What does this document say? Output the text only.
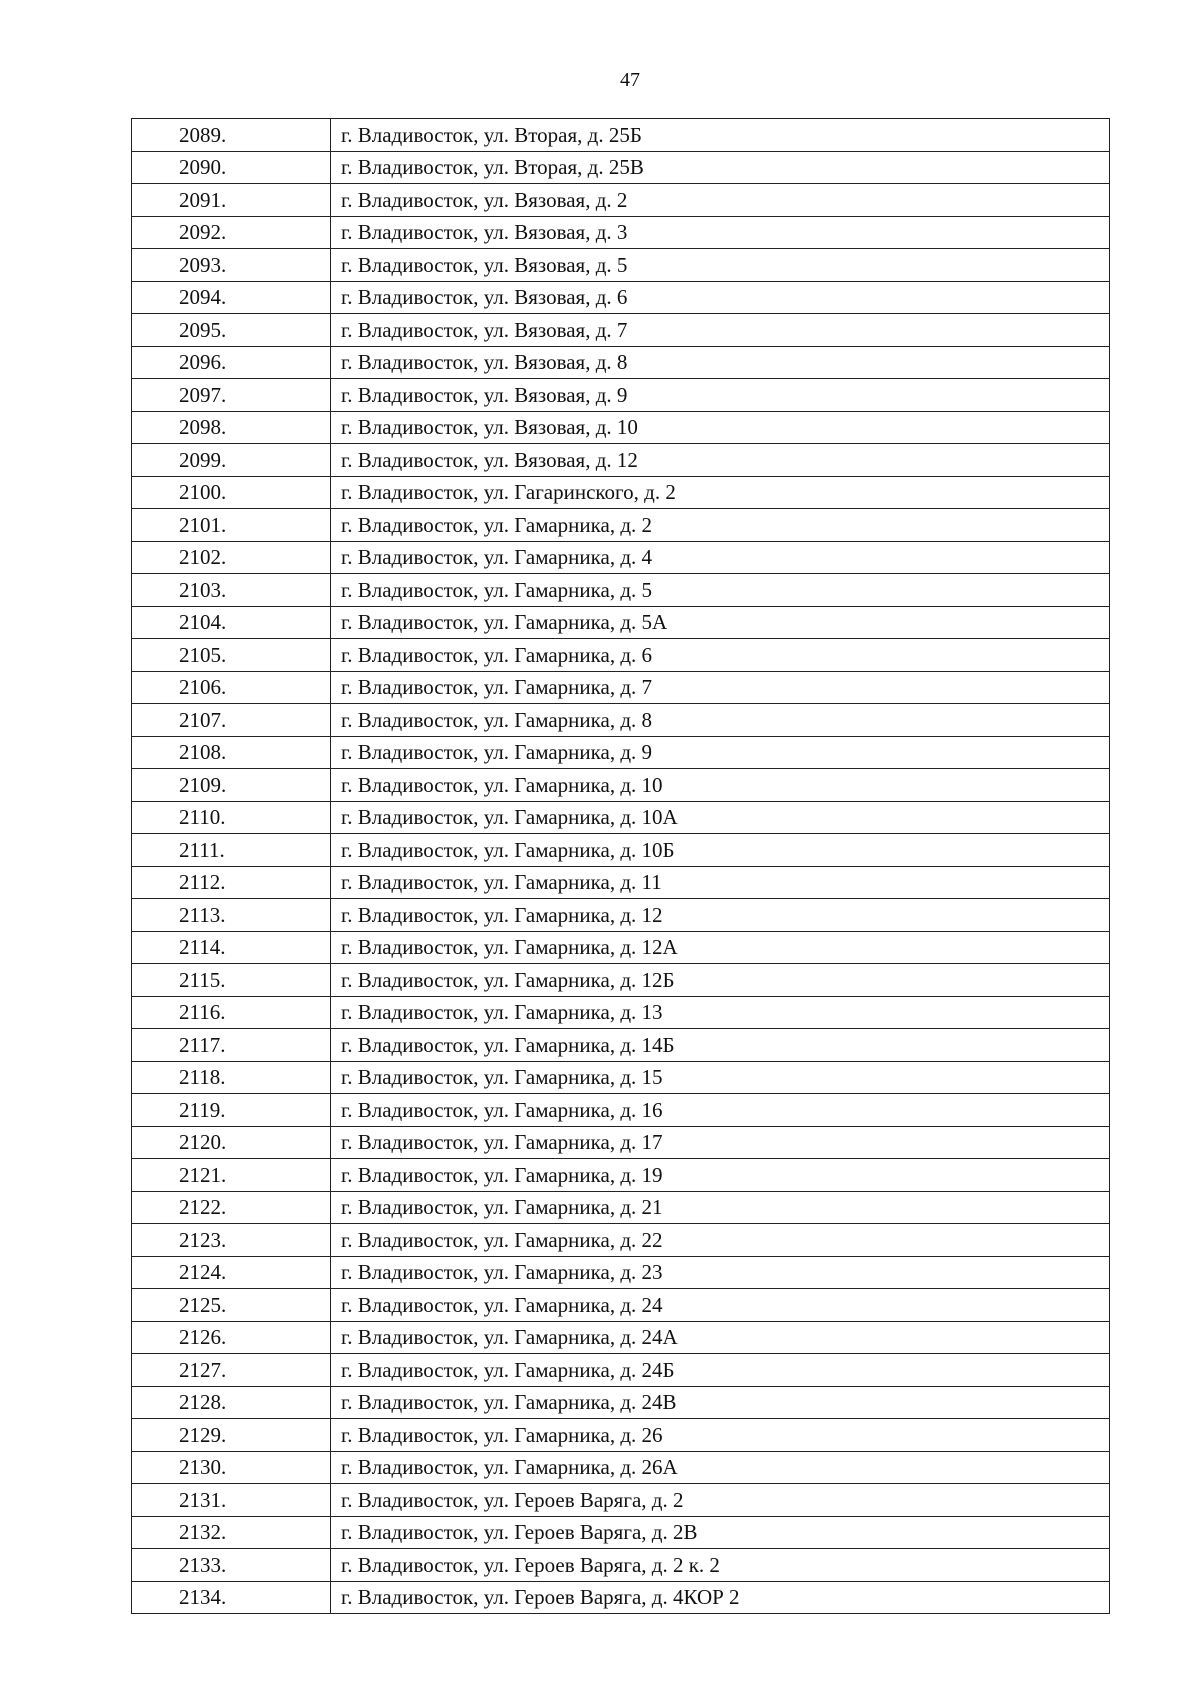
47
2089.	г. Владивосток, ул. Вторая, д. 25Б
2090.	г. Владивосток, ул. Вторая, д. 25В
2091.	г. Владивосток, ул. Вязовая, д. 2
2092.	г. Владивосток, ул. Вязовая, д. 3
2093.	г. Владивосток, ул. Вязовая, д. 5
2094.	г. Владивосток, ул. Вязовая, д. 6
2095.	г. Владивосток, ул. Вязовая, д. 7
2096.	г. Владивосток, ул. Вязовая, д. 8
2097.	г. Владивосток, ул. Вязовая, д. 9
2098.	г. Владивосток, ул. Вязовая, д. 10
2099.	г. Владивосток, ул. Вязовая, д. 12
2100.	г. Владивосток, ул. Гагаринского, д. 2
2101.	г. Владивосток, ул. Гамарника, д. 2
2102.	г. Владивосток, ул. Гамарника, д. 4
2103.	г. Владивосток, ул. Гамарника, д. 5
2104.	г. Владивосток, ул. Гамарника, д. 5А
2105.	г. Владивосток, ул. Гамарника, д. 6
2106.	г. Владивосток, ул. Гамарника, д. 7
2107.	г. Владивосток, ул. Гамарника, д. 8
2108.	г. Владивосток, ул. Гамарника, д. 9
2109.	г. Владивосток, ул. Гамарника, д. 10
2110.	г. Владивосток, ул. Гамарника, д. 10А
2111.	г. Владивосток, ул. Гамарника, д. 10Б
2112.	г. Владивосток, ул. Гамарника, д. 11
2113.	г. Владивосток, ул. Гамарника, д. 12
2114.	г. Владивосток, ул. Гамарника, д. 12А
2115.	г. Владивосток, ул. Гамарника, д. 12Б
2116.	г. Владивосток, ул. Гамарника, д. 13
2117.	г. Владивосток, ул. Гамарника, д. 14Б
2118.	г. Владивосток, ул. Гамарника, д. 15
2119.	г. Владивосток, ул. Гамарника, д. 16
2120.	г. Владивосток, ул. Гамарника, д. 17
2121.	г. Владивосток, ул. Гамарника, д. 19
2122.	г. Владивосток, ул. Гамарника, д. 21
2123.	г. Владивосток, ул. Гамарника, д. 22
2124.	г. Владивосток, ул. Гамарника, д. 23
2125.	г. Владивосток, ул. Гамарника, д. 24
2126.	г. Владивосток, ул. Гамарника, д. 24А
2127.	г. Владивосток, ул. Гамарника, д. 24Б
2128.	г. Владивосток, ул. Гамарника, д. 24В
2129.	г. Владивосток, ул. Гамарника, д. 26
2130.	г. Владивосток, ул. Гамарника, д. 26А
2131.	г. Владивосток, ул. Героев Варяга, д. 2
2132.	г. Владивосток, ул. Героев Варяга, д. 2В
2133.	г. Владивосток, ул. Героев Варяга, д. 2 к. 2
2134.	г. Владивосток, ул. Героев Варяга, д. 4КОР 2
